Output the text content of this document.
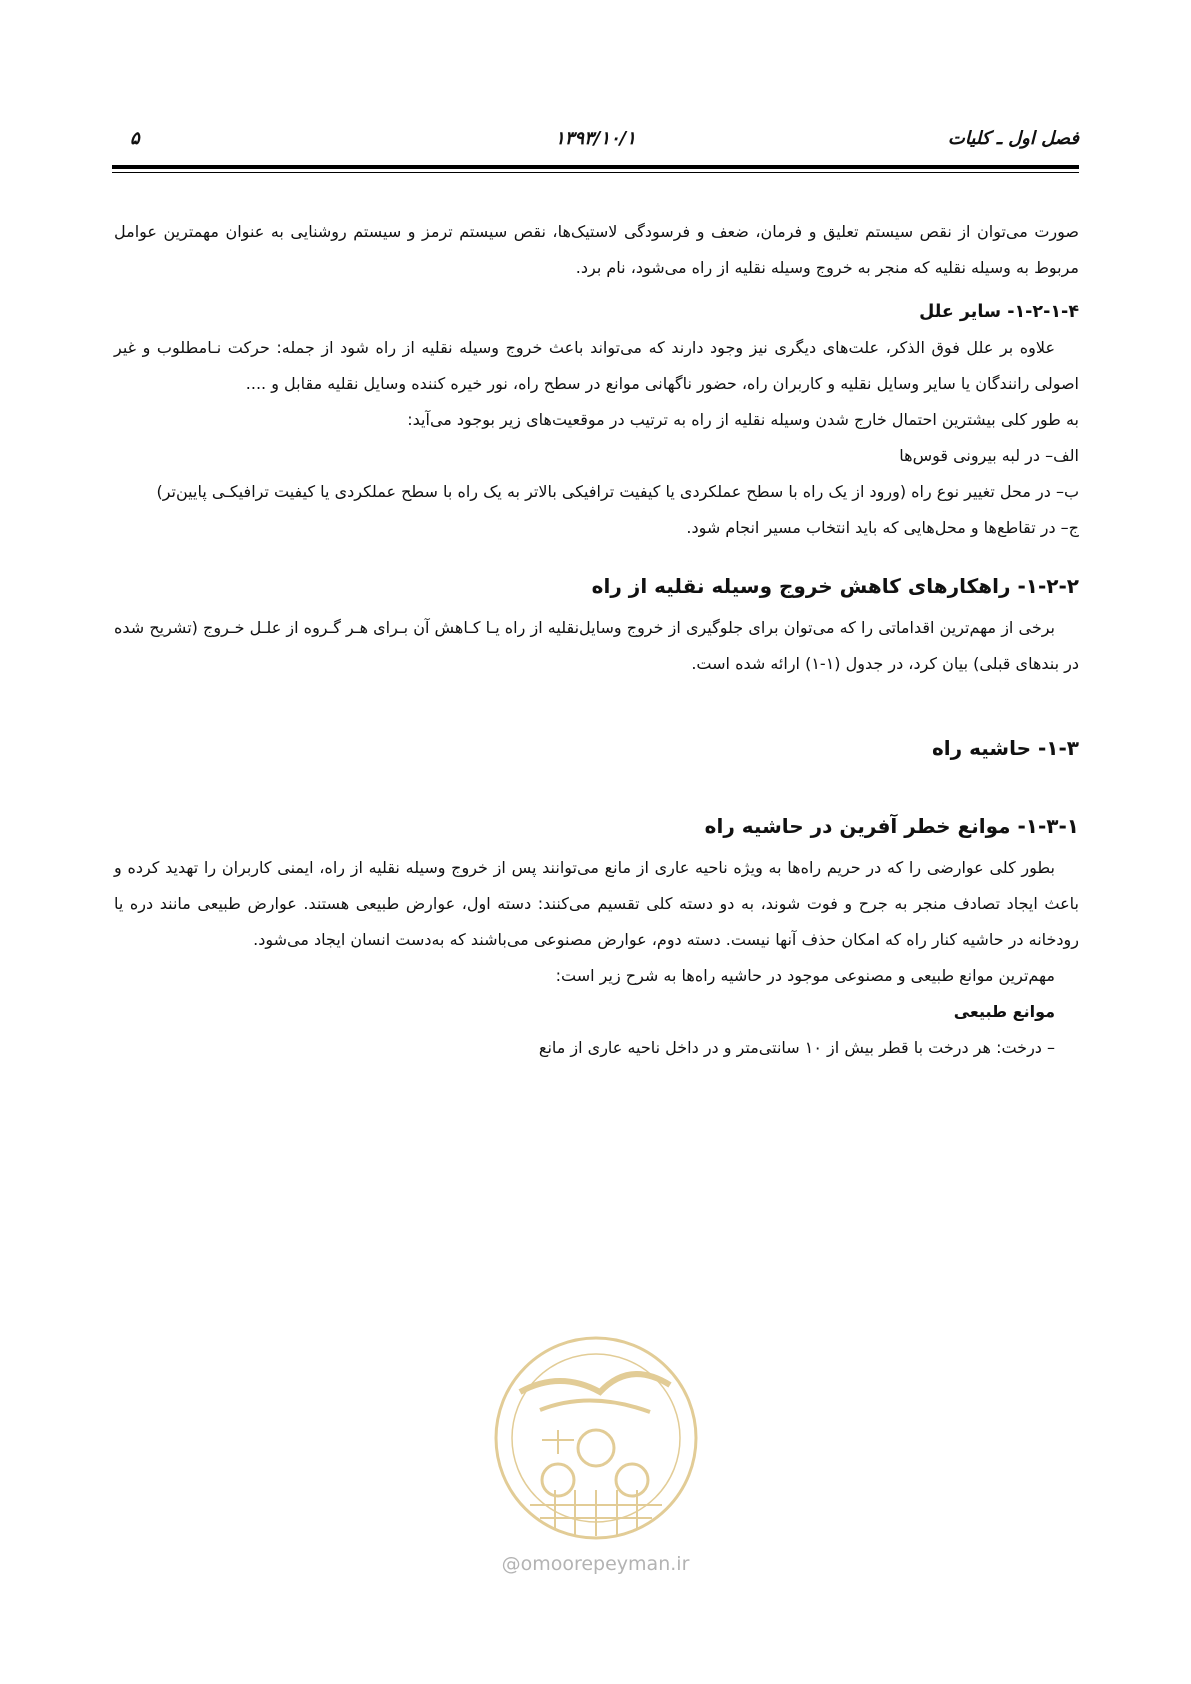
فصل اول ـ کلیات
۱۳۹۳/۱۰/۱
۵

صورت می‌توان از نقص سیستم تعلیق و فرمان، ضعف و فرسودگی لاستیک‌ها، نقص سیستم ترمز و سیستم روشنایی به عنوان مهمترین عوامل مربوط به وسیله نقلیه که منجر به خروج وسیله نقلیه از راه می‌شود، نام برد.

۱-۲-۱-۴- سایر علل

علاوه بر علل فوق الذکر، علت‌های دیگری نیز وجود دارند که می‌تواند باعث خروج وسیله نقلیه از راه شود از جمله: حرکت نـامطلوب و غیر اصولی رانندگان یا سایر وسایل نقلیه و کاربران راه، حضور ناگهانی موانع در سطح راه، نور خیره کننده وسایل نقلیه مقابل و ....

به طور کلی بیشترین احتمال خارج شدن وسیله نقلیه از راه به ترتیب در موقعیت‌های زیر بوجود می‌آید:

الف– در لبه بیرونی قوس‌ها

ب– در محل تغییر نوع راه (ورود از یک راه با سطح عملکردی یا کیفیت ترافیکی بالاتر به یک راه با سطح عملکردی یا کیفیت ترافیکـی پایین‌تر)

ج– در تقاطع‌ها و محل‌هایی که باید انتخاب مسیر انجام شود.

۱-۲-۲- راهکارهای کاهش خروج وسیله نقلیه از راه

برخی از مهم‌ترین اقداماتی را که می‌توان برای جلوگیری از خروج وسایل‌نقلیه از راه یـا کـاهش آن بـرای هـر گـروه از علـل خـروج (تشریح شده در بندهای قبلی) بیان کرد، در جدول (۱-۱) ارائه شده است.

۱-۳- حاشیه راه

۱-۳-۱- موانع خطر آفرین در حاشیه راه

بطور کلی عوارضی را که در حریم راه‌ها به ویژه ناحیه عاری از مانع می‌توانند پس از خروج وسیله نقلیه از راه، ایمنی کاربران را تهدید کرده و باعث ایجاد تصادف منجر به جرح و فوت شوند، به دو دسته کلی تقسیم می‌کنند: دسته اول، عوارض طبیعی هستند. عوارض طبیعی مانند دره یا رودخانه در حاشیه کنار راه که امکان حذف آنها نیست. دسته دوم، عوارض مصنوعی می‌باشند که به‌دست انسان ایجاد می‌شود.

مهم‌ترین موانع طبیعی و مصنوعی موجود در حاشیه راه‌ها به شرح زیر است:

موانع طبیعی

– درخت: هر درخت با قطر بیش از ۱۰ سانتی‌متر و در داخل ناحیه عاری از مانع

@omoorepeyman.ir
